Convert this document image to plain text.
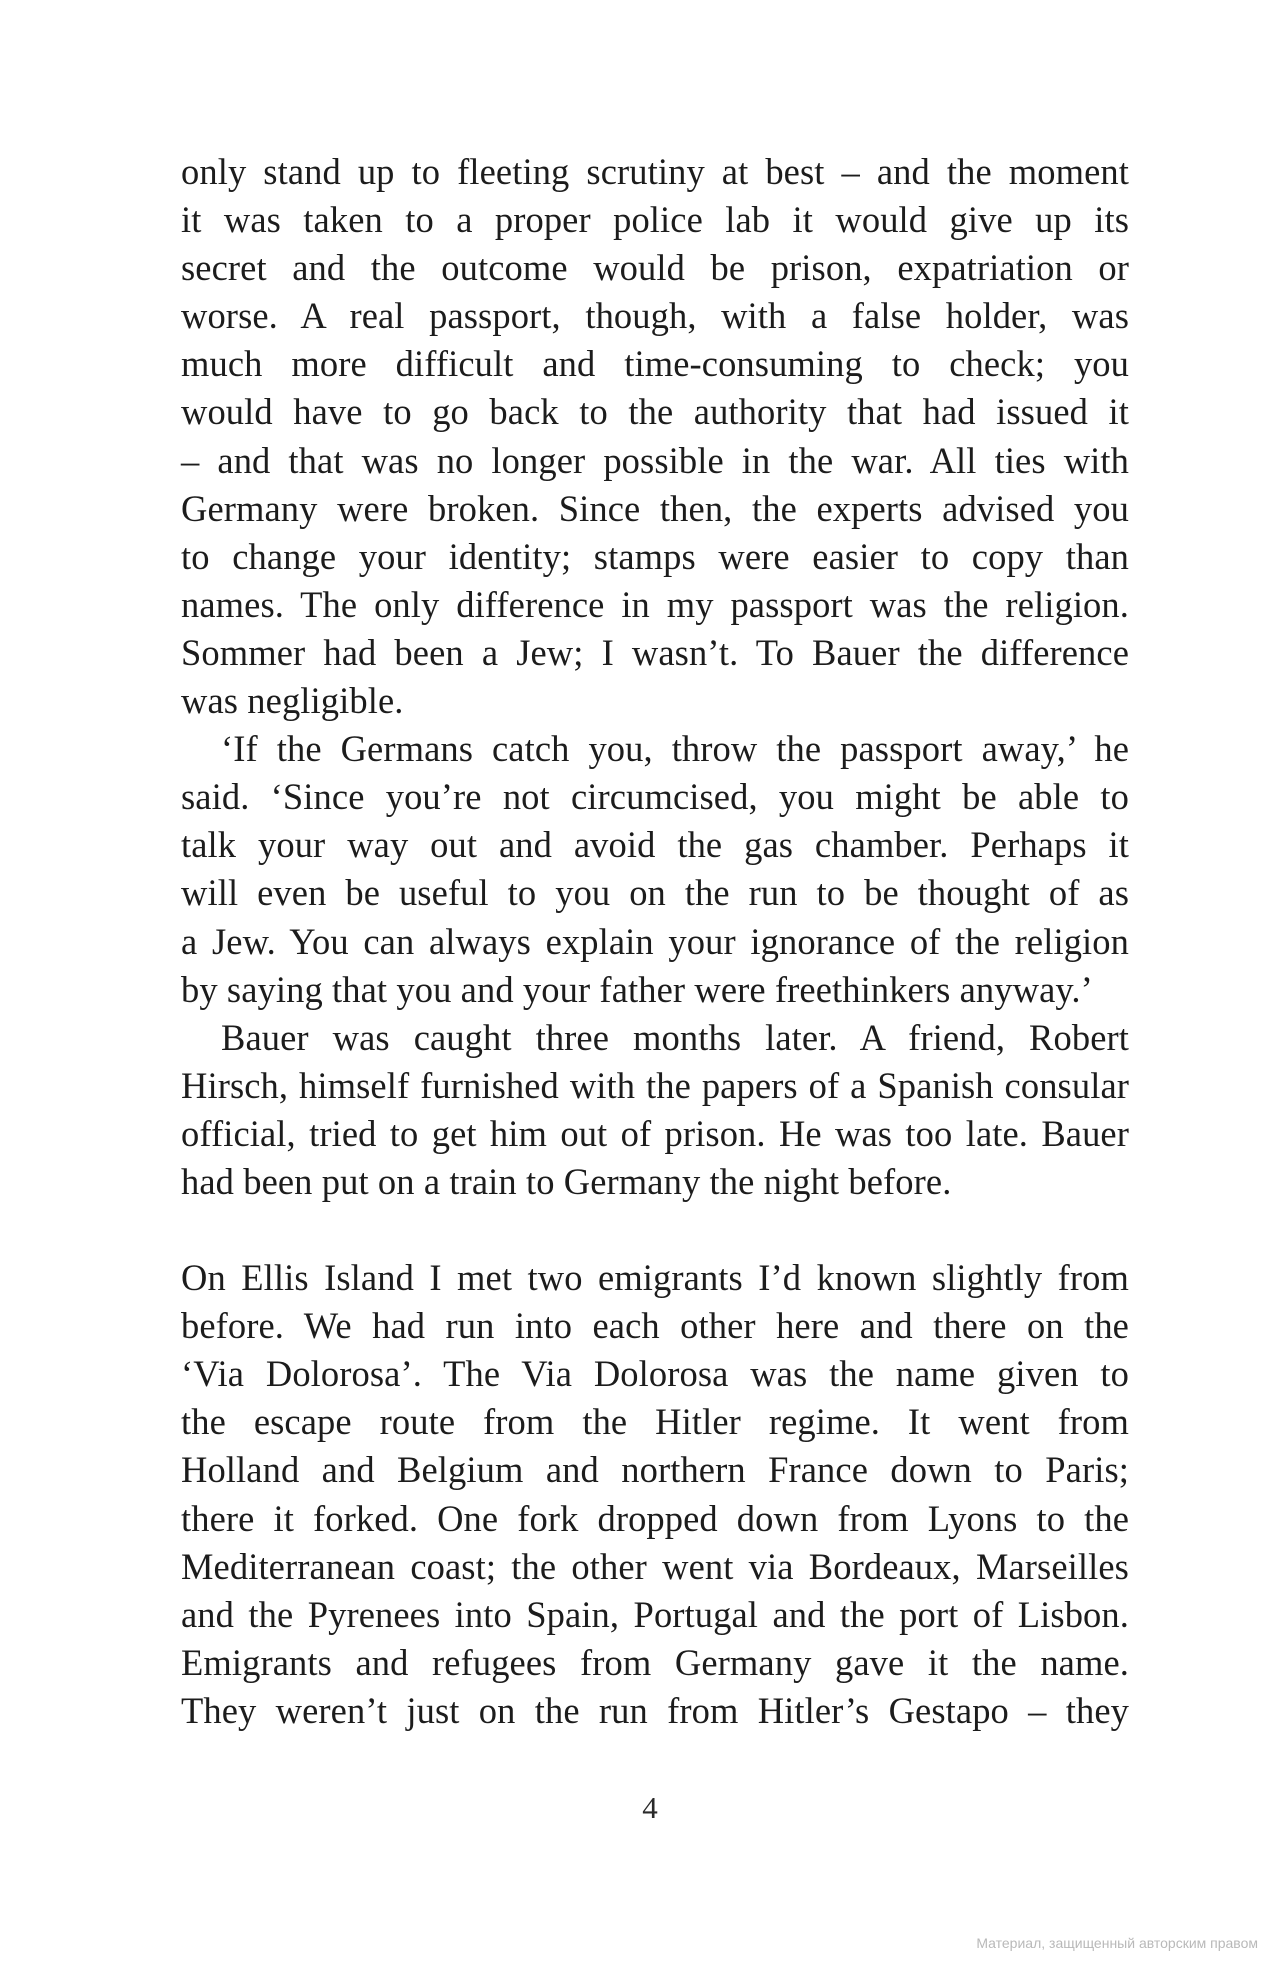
only stand up to fleeting scrutiny at best – and the moment
it was taken to a proper police lab it would give up its
secret and the outcome would be prison, expatriation or
worse. A real passport, though, with a false holder, was
much more difficult and time-consuming to check; you
would have to go back to the authority that had issued it
– and that was no longer possible in the war. All ties with
Germany were broken. Since then, the experts advised you
to change your identity; stamps were easier to copy than
names. The only difference in my passport was the religion.
Sommer had been a Jew; I wasn’t. To Bauer the difference
was negligible.
‘If the Germans catch you, throw the passport away,’ he
said. ‘Since you’re not circumcised, you might be able to
talk your way out and avoid the gas chamber. Perhaps it
will even be useful to you on the run to be thought of as
a Jew. You can always explain your ignorance of the religion
by saying that you and your father were freethinkers anyway.’
Bauer was caught three months later. A friend, Robert
Hirsch, himself furnished with the papers of a Spanish consular
official, tried to get him out of prison. He was too late. Bauer
had been put on a train to Germany the night before.
On Ellis Island I met two emigrants I’d known slightly from
before. We had run into each other here and there on the
‘Via Dolorosa’. The Via Dolorosa was the name given to
the escape route from the Hitler regime. It went from
Holland and Belgium and northern France down to Paris;
there it forked. One fork dropped down from Lyons to the
Mediterranean coast; the other went via Bordeaux, Marseilles
and the Pyrenees into Spain, Portugal and the port of Lisbon.
Emigrants and refugees from Germany gave it the name.
They weren’t just on the run from Hitler’s Gestapo – they
4
Материал, защищенный авторским правом
